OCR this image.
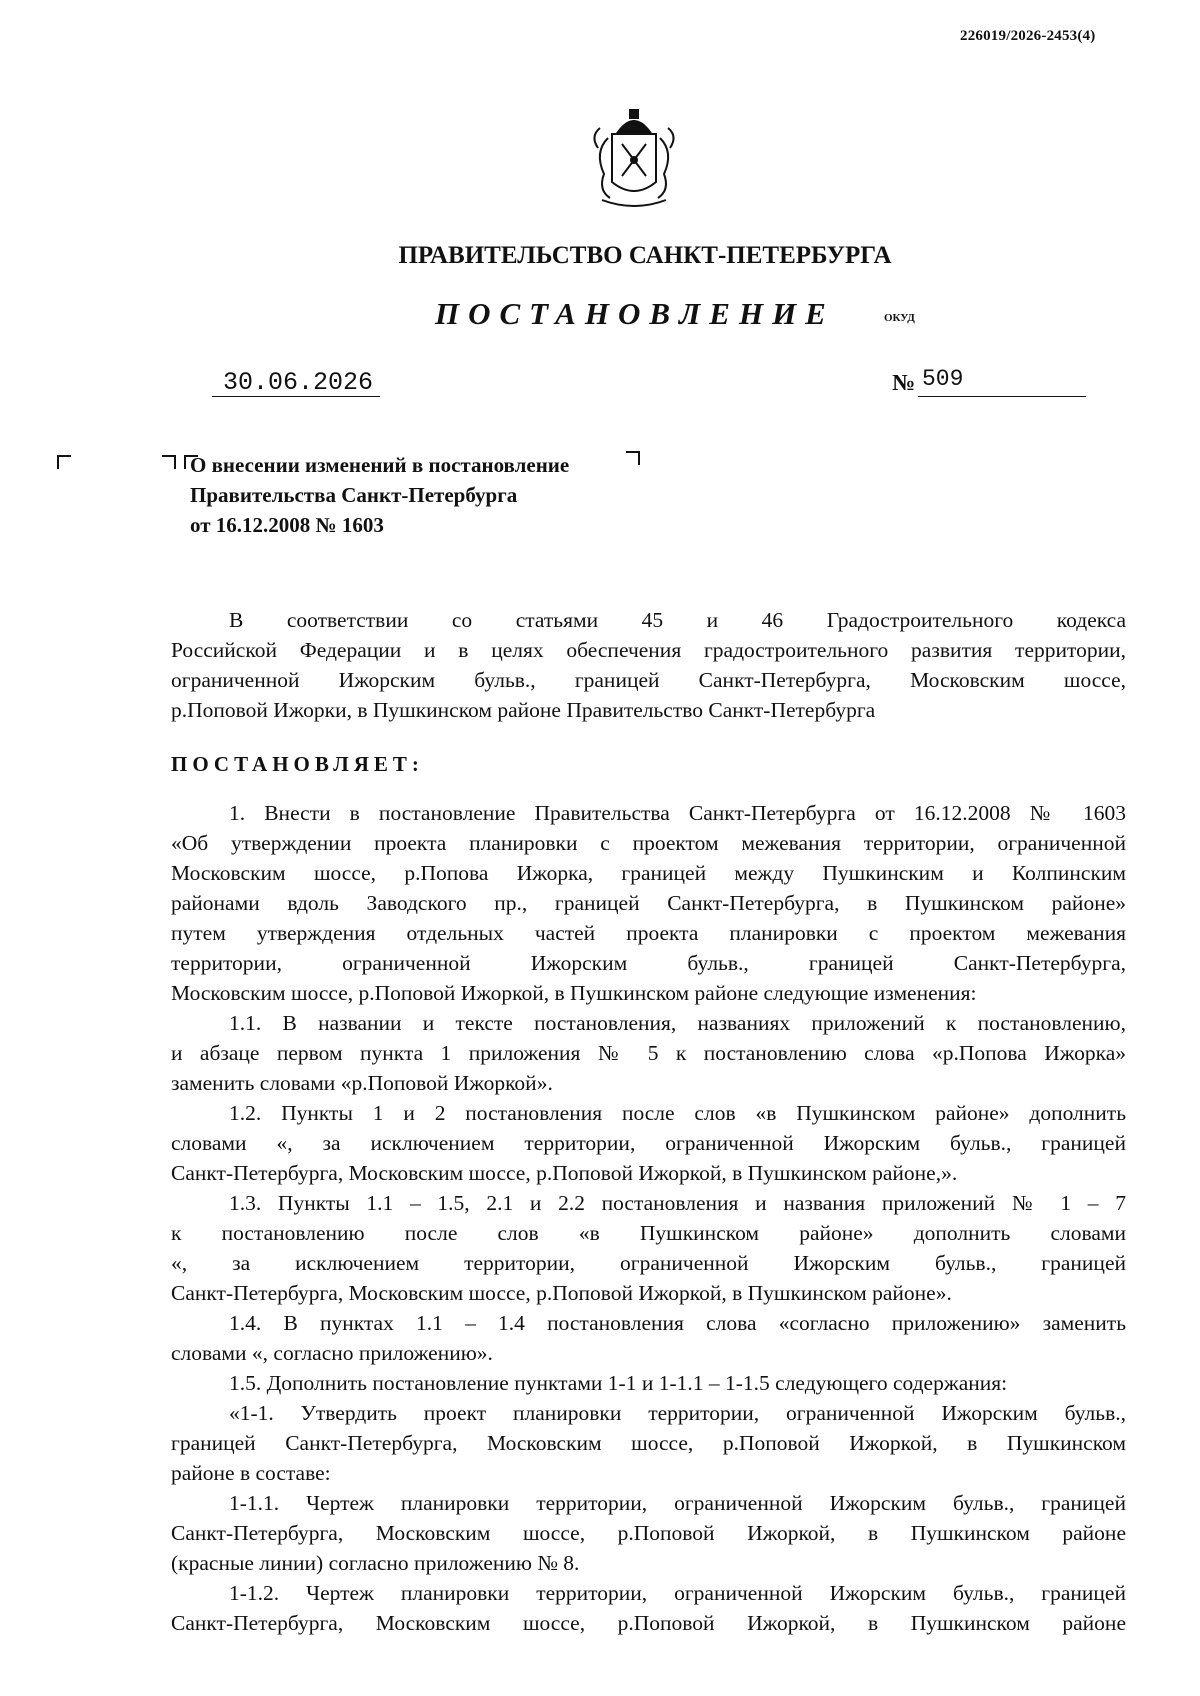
226019/2026-2453(4)
ПРАВИТЕЛЬСТВО САНКТ-ПЕТЕРБУРГА
ПОСТАНОВЛЕНИЕ	ОКУД
30.06.2026	№ 509
О внесении изменений в постановление
Правительства Санкт-Петербурга
от 16.12.2008 № 1603
В соответствии со статьями 45 и 46 Градостроительного кодекса
Российской Федерации и в целях обеспечения градостроительного развития территории,
ограниченной Ижорским бульв., границей Санкт-Петербурга, Московским шоссе,
р.Поповой Ижорки, в Пушкинском районе Правительство Санкт-Петербурга
ПОСТАНОВЛЯЕТ:
1. Внести в постановление Правительства Санкт-Петербурга от 16.12.2008 № 1603
«Об утверждении проекта планировки с проектом межевания территории, ограниченной
Московским шоссе, р.Попова Ижорка, границей между Пушкинским и Колпинским
районами вдоль Заводского пр., границей Санкт-Петербурга, в Пушкинском районе»
путем утверждения отдельных частей проекта планировки с проектом межевания
территории, ограниченной Ижорским бульв., границей Санкт-Петербурга,
Московским шоссе, р.Поповой Ижоркой, в Пушкинском районе следующие изменения:
1.1. В названии и тексте постановления, названиях приложений к постановлению,
и абзаце первом пункта 1 приложения № 5 к постановлению слова «р.Попова Ижорка»
заменить словами «р.Поповой Ижоркой».
1.2. Пункты 1 и 2 постановления после слов «в Пушкинском районе» дополнить
словами «, за исключением территории, ограниченной Ижорским бульв., границей
Санкт-Петербурга, Московским шоссе, р.Поповой Ижоркой, в Пушкинском районе,».
1.3. Пункты 1.1 – 1.5, 2.1 и 2.2 постановления и названия приложений № 1 – 7
к постановлению после слов «в Пушкинском районе» дополнить словами
«, за исключением территории, ограниченной Ижорским бульв., границей
Санкт-Петербурга, Московским шоссе, р.Поповой Ижоркой, в Пушкинском районе».
1.4. В пунктах 1.1 – 1.4 постановления слова «согласно приложению» заменить
словами «, согласно приложению».
1.5. Дополнить постановление пунктами 1-1 и 1-1.1 – 1-1.5 следующего содержания:
«1-1. Утвердить проект планировки территории, ограниченной Ижорским бульв.,
границей Санкт-Петербурга, Московским шоссе, р.Поповой Ижоркой, в Пушкинском
районе в составе:
1-1.1. Чертеж планировки территории, ограниченной Ижорским бульв., границей
Санкт-Петербурга, Московским шоссе, р.Поповой Ижоркой, в Пушкинском районе
(красные линии) согласно приложению № 8.
1-1.2. Чертеж планировки территории, ограниченной Ижорским бульв., границей
Санкт-Петербурга, Московским шоссе, р.Поповой Ижоркой, в Пушкинском районе
